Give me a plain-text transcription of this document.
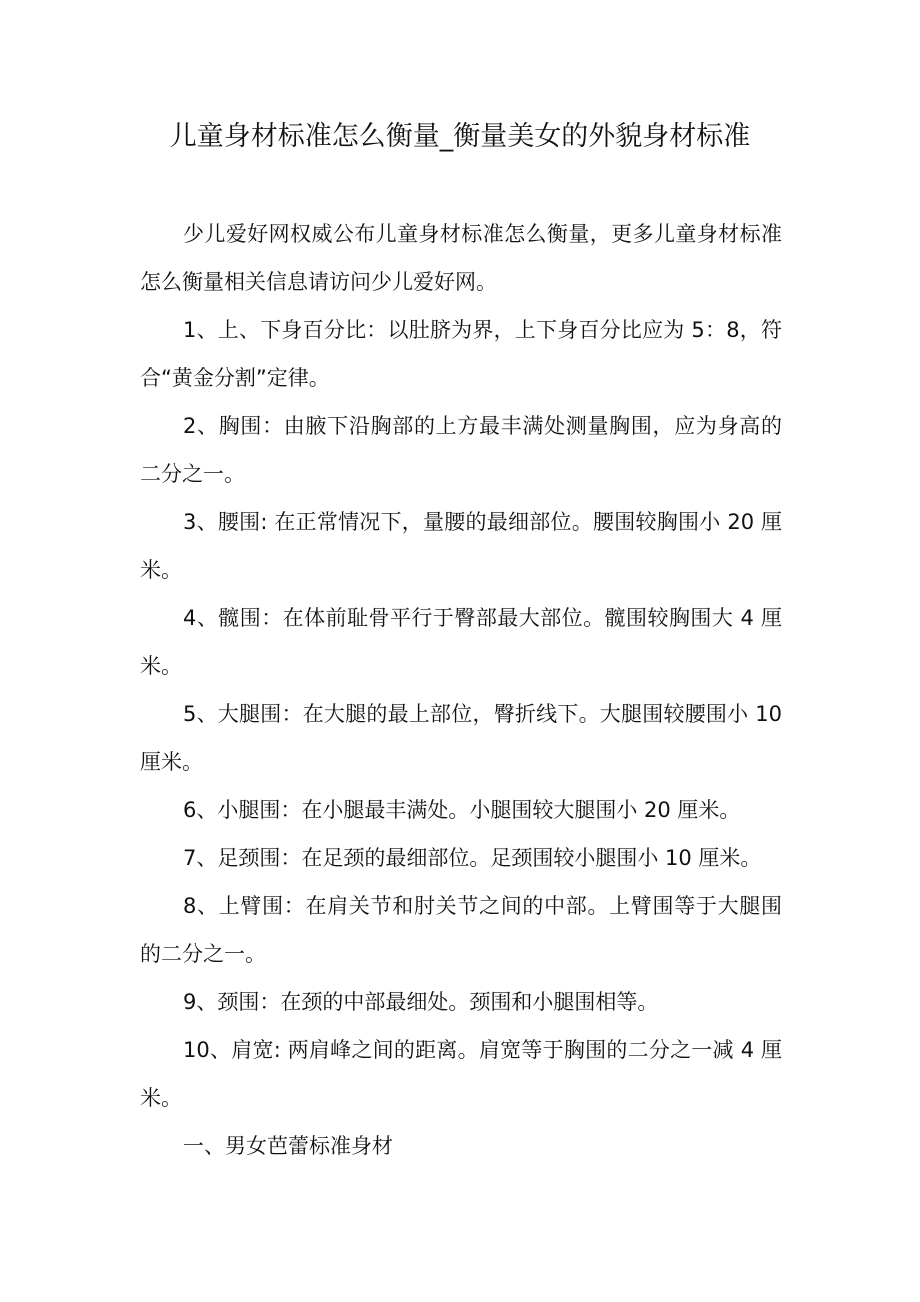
儿童身材标准怎么衡量_衡量美女的外貌身材标准

少儿爱好网权威公布儿童身材标准怎么衡量，更多儿童身材标准怎么衡量相关信息请访问少儿爱好网。

1、上、下身百分比：以肚脐为界，上下身百分比应为 5：8，符合“黄金分割”定律。

2、胸围：由腋下沿胸部的上方最丰满处测量胸围，应为身高的二分之一。

3、腰围: 在正常情况下，量腰的最细部位。腰围较胸围小 20 厘米。

4、髋围：在体前耻骨平行于臀部最大部位。髋围较胸围大 4 厘米。

5、大腿围：在大腿的最上部位，臀折线下。大腿围较腰围小 10 厘米。

6、小腿围：在小腿最丰满处。小腿围较大腿围小 20 厘米。

7、足颈围：在足颈的最细部位。足颈围较小腿围小 10 厘米。

8、上臂围：在肩关节和肘关节之间的中部。上臂围等于大腿围的二分之一。

9、颈围：在颈的中部最细处。颈围和小腿围相等。

10、肩宽: 两肩峰之间的距离。肩宽等于胸围的二分之一减 4 厘米。

一、男女芭蕾标准身材
